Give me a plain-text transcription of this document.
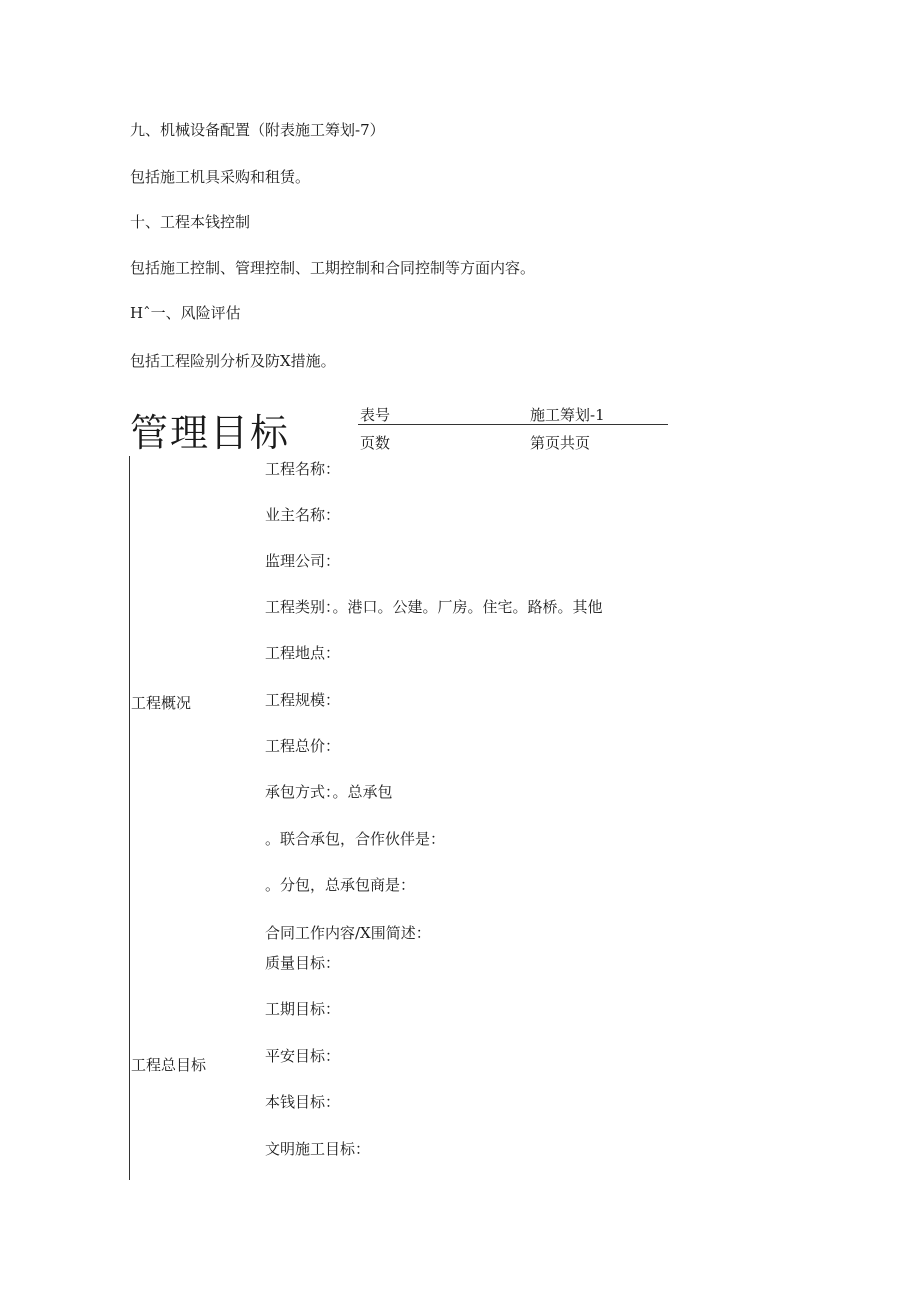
九、机械设备配置（附表施工筹划-7）
包括施工机具采购和租赁。
十、工程本钱控制
包括施工控制、管理控制、工期控制和合同控制等方面内容。
Hˆ一、风险评估
包括工程险别分析及防X措施。
管理目标	表号	施工筹划-1
页数	第页共页
工程概况
工程名称：
业主名称：
监理公司：
工程类别：。港口。公建。厂房。住宅。路桥。其他
工程地点：
工程规模：
工程总价：
承包方式：。总承包
。联合承包，合作伙伴是：
。分包，总承包商是：
合同工作内容/X围简述：
工程总目标
质量目标：
工期目标：
平安目标：
本钱目标：
文明施工目标：
